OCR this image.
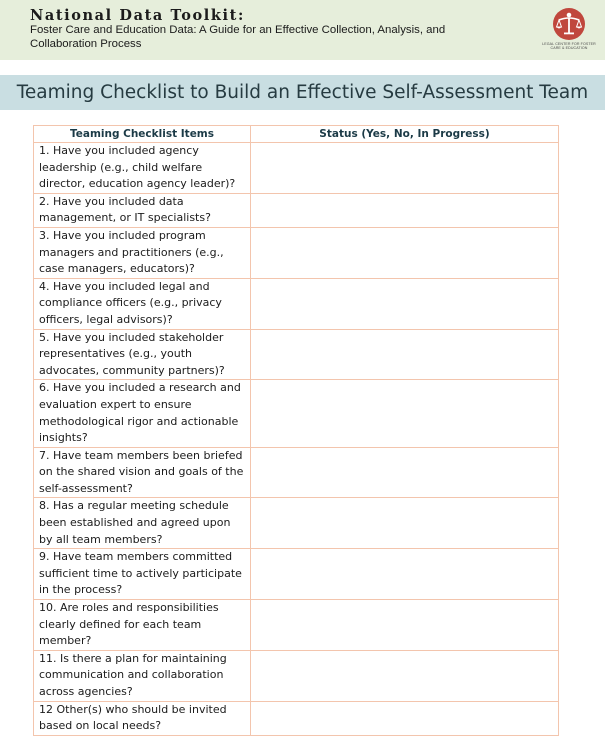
National Data Toolkit:
Foster Care and Education Data: A Guide for an Effective Collection, Analysis, and Collaboration Process	LEGAL CENTER FOR FOSTER CARE & EDUCATION
Teaming Checklist to Build an Effective Self-Assessment Team
Teaming Checklist Items	Status (Yes, No, In Progress)
1. Have you included agency leadership (e.g., child welfare director, education agency leader)?	
2. Have you included data management, or IT specialists?	
3. Have you included program managers and practitioners (e.g., case managers, educators)?	
4. Have you included legal and compliance officers (e.g., privacy officers, legal advisors)?	
5. Have you included stakeholder representatives (e.g., youth advocates, community partners)?	
6. Have you included a research and evaluation expert to ensure methodological rigor and actionable insights?	
7. Have team members been briefed on the shared vision and goals of the self-assessment?	
8. Has a regular meeting schedule been established and agreed upon by all team members?	
9. Have team members committed sufficient time to actively participate in the process?	
10. Are roles and responsibilities clearly defined for each team member?	
11. Is there a plan for maintaining communication and collaboration across agencies?	
12 Other(s) who should be invited based on local needs?	
